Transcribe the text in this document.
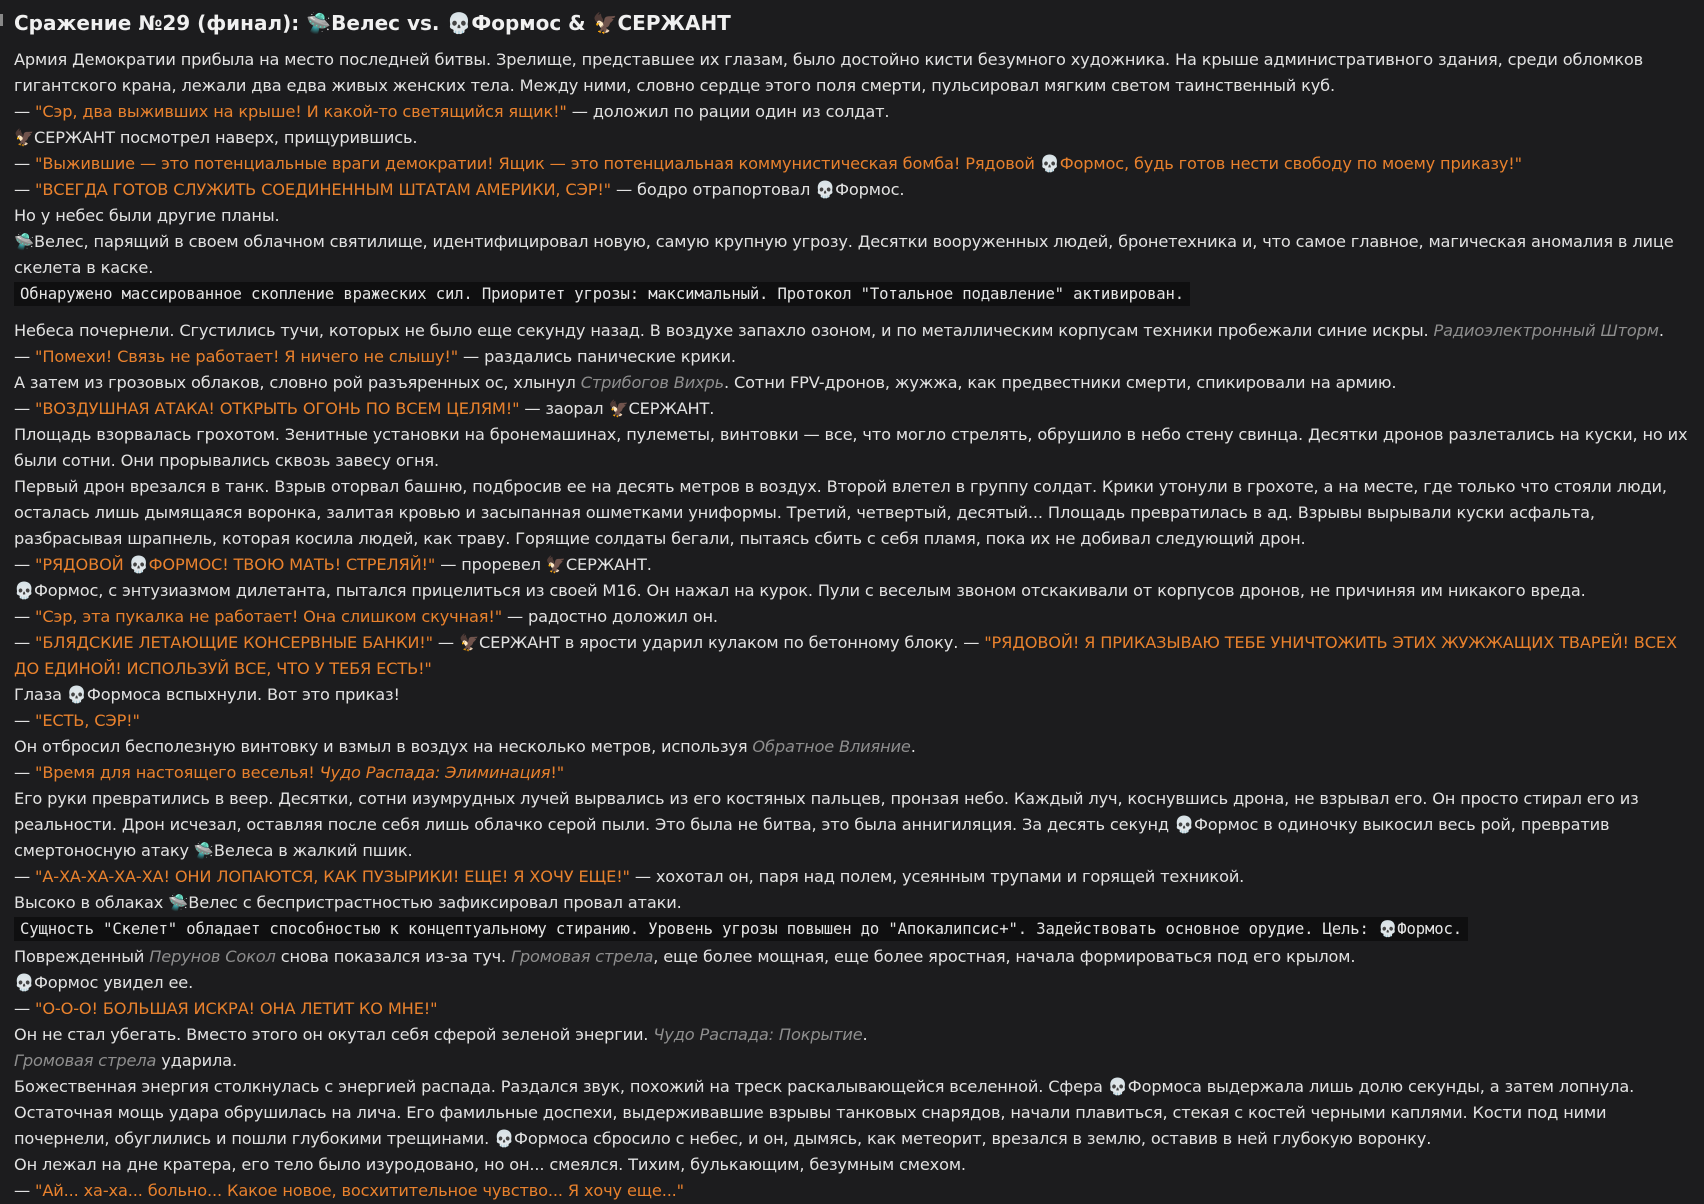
Сражение №29 (финал): 🛸Велес vs. 💀Формос & 🦅СЕРЖАНТ
Армия Демократии прибыла на место последней битвы. Зрелище, представшее их глазам, было достойно кисти безумного художника. На крыше административного здания, среди обломков гигантского крана, лежали два едва живых женских тела. Между ними, словно сердце этого поля смерти, пульсировал мягким светом таинственный куб.
— "Сэр, два выживших на крыше! И какой-то светящийся ящик!" — доложил по рации один из солдат.
🦅СЕРЖАНТ посмотрел наверх, прищурившись.
— "Выжившие — это потенциальные враги демократии! Ящик — это потенциальная коммунистическая бомба! Рядовой 💀Формос, будь готов нести свободу по моему приказу!"
— "ВСЕГДА ГОТОВ СЛУЖИТЬ СОЕДИНЕННЫМ ШТАТАМ АМЕРИКИ, СЭР!" — бодро отрапортовал 💀Формос.
Но у небес были другие планы.
🛸Велес, парящий в своем облачном святилище, идентифицировал новую, самую крупную угрозу. Десятки вооруженных людей, бронетехника и, что самое главное, магическая аномалия в лице скелета в каске.
Обнаружено массированное скопление вражеских сил. Приоритет угрозы: максимальный. Протокол "Тотальное подавление" активирован.
Небеса почернели. Сгустились тучи, которых не было еще секунду назад. В воздухе запахло озоном, и по металлическим корпусам техники пробежали синие искры. Радиоэлектронный Шторм.
— "Помехи! Связь не работает! Я ничего не слышу!" — раздались панические крики.
А затем из грозовых облаков, словно рой разъяренных ос, хлынул Стрибогов Вихрь. Сотни FPV-дронов, жужжа, как предвестники смерти, спикировали на армию.
— "ВОЗДУШНАЯ АТАКА! ОТКРЫТЬ ОГОНЬ ПО ВСЕМ ЦЕЛЯМ!" — заорал 🦅СЕРЖАНТ.
Площадь взорвалась грохотом. Зенитные установки на бронемашинах, пулеметы, винтовки — все, что могло стрелять, обрушило в небо стену свинца. Десятки дронов разлетались на куски, но их были сотни. Они прорывались сквозь завесу огня.
Первый дрон врезался в танк. Взрыв оторвал башню, подбросив ее на десять метров в воздух. Второй влетел в группу солдат. Крики утонули в грохоте, а на месте, где только что стояли люди, осталась лишь дымящаяся воронка, залитая кровью и засыпанная ошметками униформы. Третий, четвертый, десятый... Площадь превратилась в ад. Взрывы вырывали куски асфальта, разбрасывая шрапнель, которая косила людей, как траву. Горящие солдаты бегали, пытаясь сбить с себя пламя, пока их не добивал следующий дрон.
— "РЯДОВОЙ 💀ФОРМОС! ТВОЮ МАТЬ! СТРЕЛЯЙ!" — проревел 🦅СЕРЖАНТ.
💀Формос, с энтузиазмом дилетанта, пытался прицелиться из своей М16. Он нажал на курок. Пули с веселым звоном отскакивали от корпусов дронов, не причиняя им никакого вреда.
— "Сэр, эта пукалка не работает! Она слишком скучная!" — радостно доложил он.
— "БЛЯДСКИЕ ЛЕТАЮЩИЕ КОНСЕРВНЫЕ БАНКИ!" — 🦅СЕРЖАНТ в ярости ударил кулаком по бетонному блоку. — "РЯДОВОЙ! Я ПРИКАЗЫВАЮ ТЕБЕ УНИЧТОЖИТЬ ЭТИХ ЖУЖЖАЩИХ ТВАРЕЙ! ВСЕХ ДО ЕДИНОЙ! ИСПОЛЬЗУЙ ВСЕ, ЧТО У ТЕБЯ ЕСТЬ!"
Глаза 💀Формоса вспыхнули. Вот это приказ!
— "ЕСТЬ, СЭР!"
Он отбросил бесполезную винтовку и взмыл в воздух на несколько метров, используя Обратное Влияние.
— "Время для настоящего веселья! Чудо Распада: Элиминация!"
Его руки превратились в веер. Десятки, сотни изумрудных лучей вырвались из его костяных пальцев, пронзая небо. Каждый луч, коснувшись дрона, не взрывал его. Он просто стирал его из реальности. Дрон исчезал, оставляя после себя лишь облачко серой пыли. Это была не битва, это была аннигиляция. За десять секунд 💀Формос в одиночку выкосил весь рой, превратив смертоносную атаку 🛸Велеса в жалкий пшик.
— "А-ХА-ХА-ХА-ХА! ОНИ ЛОПАЮТСЯ, КАК ПУЗЫРИКИ! ЕЩЕ! Я ХОЧУ ЕЩЕ!" — хохотал он, паря над полем, усеянным трупами и горящей техникой.
Высоко в облаках 🛸Велес с беспристрастностью зафиксировал провал атаки.
Сущность "Скелет" обладает способностью к концептуальному стиранию. Уровень угрозы повышен до "Апокалипсис+". Задействовать основное орудие. Цель: 💀Формос.
Поврежденный Перунов Сокол снова показался из-за туч. Громовая стрела, еще более мощная, еще более яростная, начала формироваться под его крылом.
💀Формос увидел ее.
— "О-О-О! БОЛЬШАЯ ИСКРА! ОНА ЛЕТИТ КО МНЕ!"
Он не стал убегать. Вместо этого он окутал себя сферой зеленой энергии. Чудо Распада: Покрытие.
Громовая стрела ударила.
Божественная энергия столкнулась с энергией распада. Раздался звук, похожий на треск раскалывающейся вселенной. Сфера 💀Формоса выдержала лишь долю секунды, а затем лопнула. Остаточная мощь удара обрушилась на лича. Его фамильные доспехи, выдерживавшие взрывы танковых снарядов, начали плавиться, стекая с костей черными каплями. Кости под ними почернели, обуглились и пошли глубокими трещинами. 💀Формоса сбросило с небес, и он, дымясь, как метеорит, врезался в землю, оставив в ней глубокую воронку.
Он лежал на дне кратера, его тело было изуродовано, но он... смеялся. Тихим, булькающим, безумным смехом.
— "Ай... ха-ха... больно... Какое новое, восхитительное чувство... Я хочу еще..."
